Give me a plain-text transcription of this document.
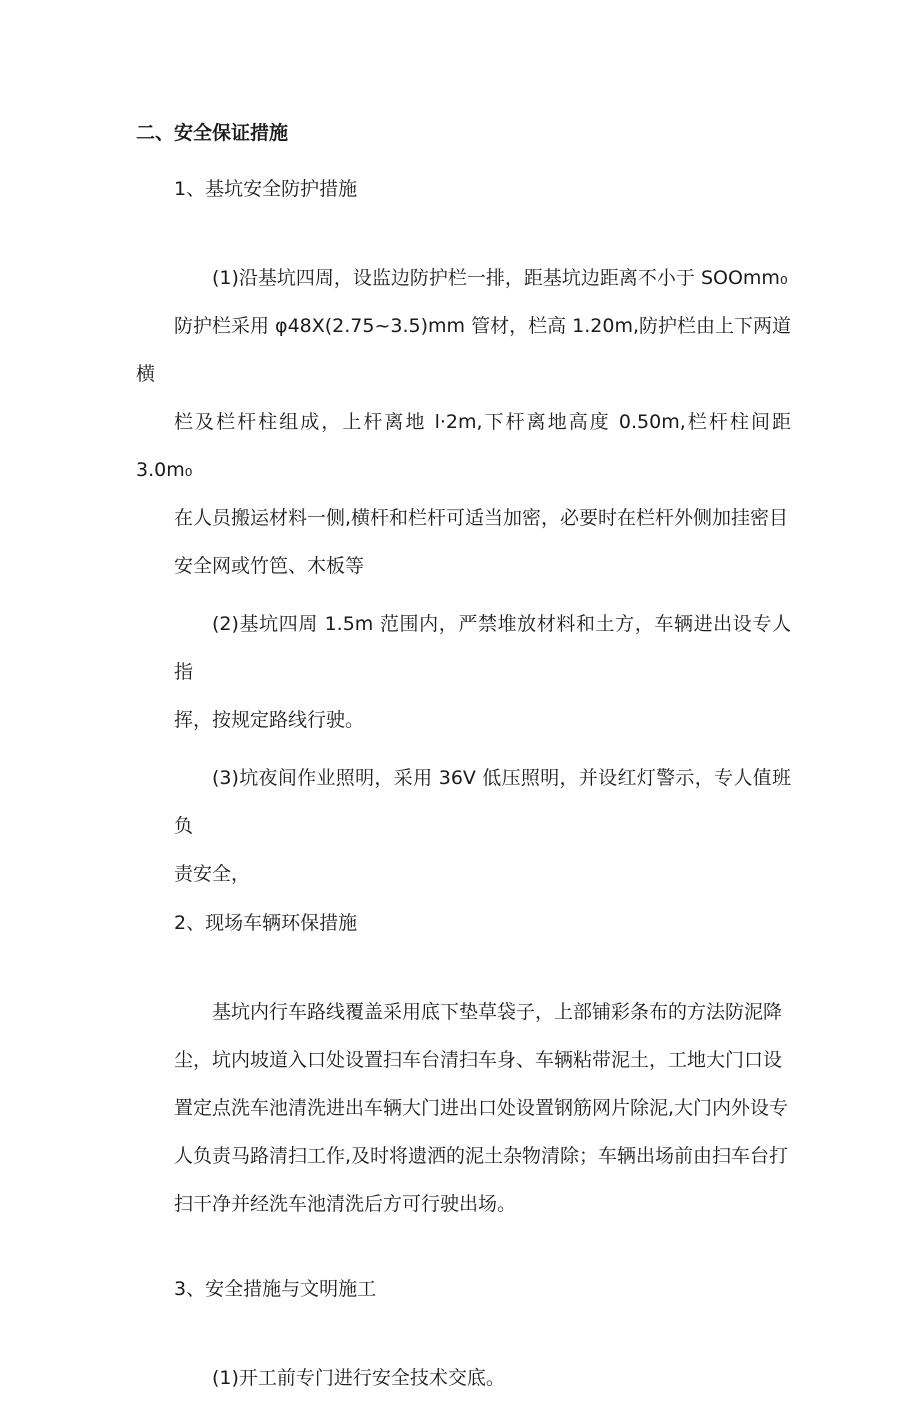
二、安全保证措施
1、基坑安全防护措施
(1)沿基坑四周，设监边防护栏一排，距基坑边距离不小于 SOOmm₀
防护栏采用 φ48X(2.75~3.5)mm 管材，栏高 1.20m,防护栏由上下两道横
栏及栏杆柱组成，上杆离地 l·2m,下杆离地高度 0.50m,栏杆柱间距 3.0m₀
在人员搬运材料一侧,横杆和栏杆可适当加密，必要时在栏杆外侧加挂密目
安全网或竹笆、木板等
(2)基坑四周 1.5m 范围内，严禁堆放材料和土方，车辆进出设专人指
挥，按规定路线行驶。
(3)坑夜间作业照明，采用 36V 低压照明，并设红灯警示，专人值班负
责安全，
2、现场车辆环保措施
基坑内行车路线覆盖采用底下垫草袋子，上部铺彩条布的方法防泥降
尘，坑内坡道入口处设置扫车台清扫车身、车辆粘带泥土，工地大门口设
置定点洗车池清洗进出车辆大门进出口处设置钢筋网片除泥,大门内外设专
人负责马路清扫工作,及时将遗洒的泥土杂物清除；车辆出场前由扫车台打
扫干净并经洗车池清洗后方可行驶出场。
3、安全措施与文明施工
(1)开工前专门进行安全技术交底。
